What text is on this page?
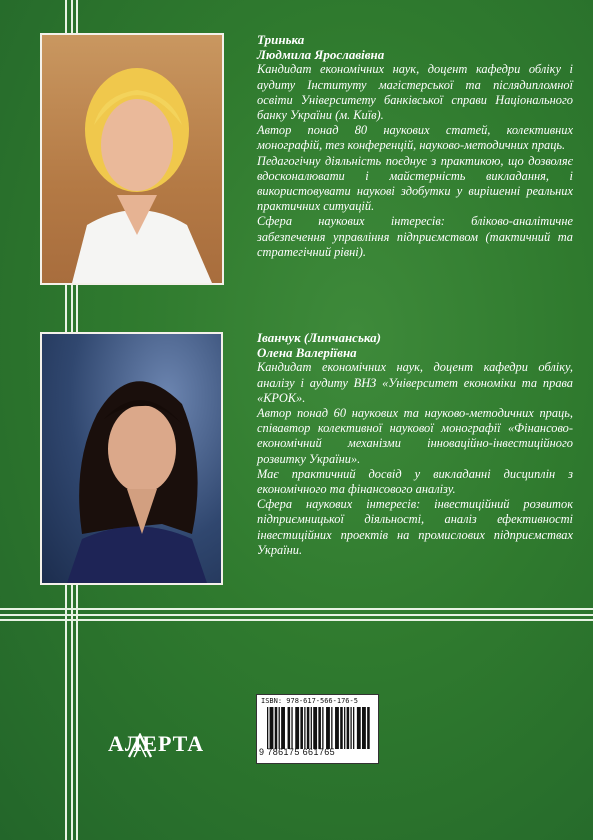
Тринька
Людмила Ярославівна

Кандидат економічних наук, доцент кафедри обліку і аудиту Інституту магістерської та післядипломної освіти Університету банківської справи Національного банку України (м. Київ).

Автор понад 80 наукових статей, колективних монографій, тез конференцій, науково-методичних праць.

Педагогічну діяльність поєднує з практикою, що дозволяє вдосконалювати і майстерність викладання, і використовувати наукові здобутки у вирішенні реальних практичних ситуацій.

Сфера наукових інтересів: бліково-аналітичне забезпечення управління підприємством (тактичний та стратегічний рівні).

Іванчук (Липчанська)
Олена Валеріївна

Кандидат економічних наук, доцент кафедри обліку, аналізу і аудиту ВНЗ «Університет економіки та права «КРОК».

Автор понад 60 наукових та науково-методичних праць, співавтор колективної наукової монографії «Фінансово-економічний механізми інноваційно-інвестиційного розвитку України».

Має практичний досвід у викладанні дисциплін з економічного та фінансового аналізу.

Сфера наукових інтересів: інвестиційний розвиток підприємницької діяльності, аналіз ефективності інвестиційних проектів на промислових підприємствах України.

ISBN: 978-617-566-176-5
9 786175 661765
АЛЕРТА
